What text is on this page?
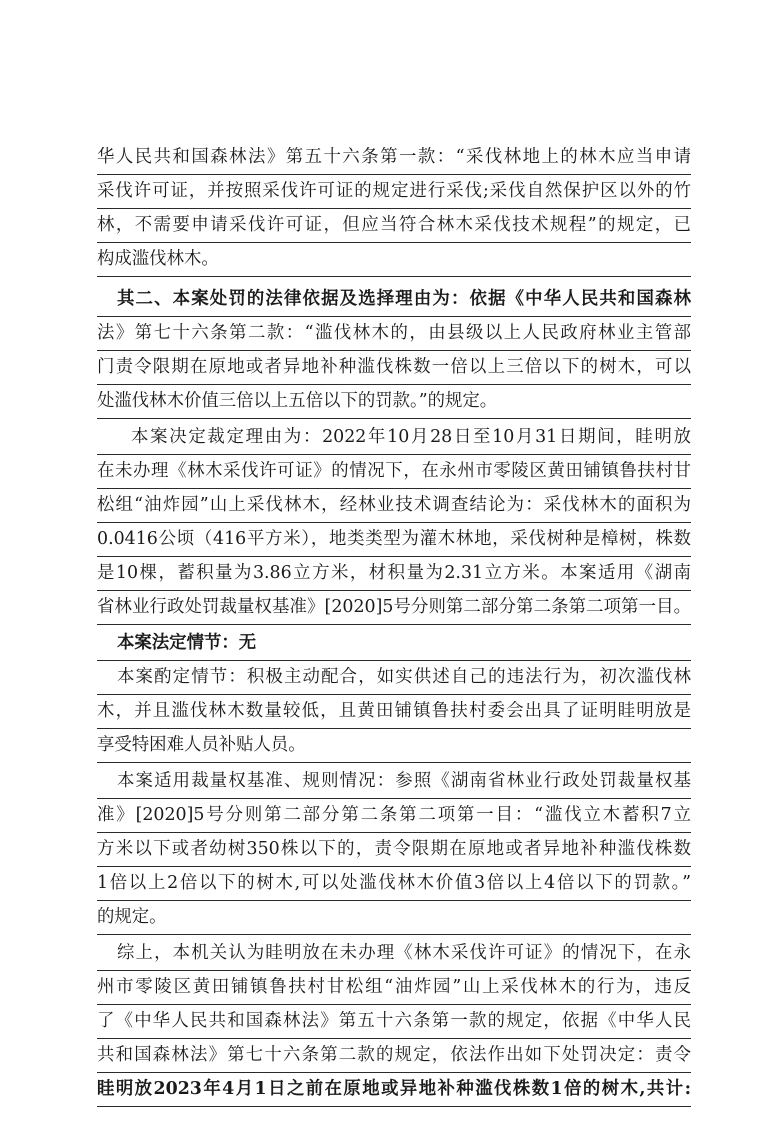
华人民共和国森林法》第五十六条第一款：“采伐林地上的林木应当申请
采伐许可证，并按照采伐许可证的规定进行采伐;采伐自然保护区以外的竹
林，不需要申请采伐许可证，但应当符合林木采伐技术规程”的规定，已
构成滥伐林木。
其二、本案处罚的法律依据及选择理由为：依据《中华人民共和国森林
法》第七十六条第二款：“滥伐林木的，由县级以上人民政府林业主管部
门责令限期在原地或者异地补种滥伐株数一倍以上三倍以下的树木，可以
处滥伐林木价值三倍以上五倍以下的罚款。”的规定。
本案决定裁定理由为：2022年10月28日至10月31日期间，眭明放
在未办理《林木采伐许可证》的情况下，在永州市零陵区黄田铺镇鲁扶村甘
松组“油炸园”山上采伐林木，经林业技术调查结论为：采伐林木的面积为
0.0416公顷（416平方米），地类类型为灌木林地，采伐树种是樟树，株数
是10棵，蓄积量为3.86立方米，材积量为2.31立方米。本案适用《湖南
省林业行政处罚裁量权基准》[2020]5号分则第二部分第二条第二项第一目。
本案法定情节：无
本案酌定情节：积极主动配合，如实供述自己的违法行为，初次滥伐林
木，并且滥伐林木数量较低，且黄田铺镇鲁扶村委会出具了证明眭明放是
享受特困难人员补贴人员。
本案适用裁量权基准、规则情况：参照《湖南省林业行政处罚裁量权基
准》[2020]5号分则第二部分第二条第二项第一目：“滥伐立木蓄积7立
方米以下或者幼树350株以下的，责令限期在原地或者异地补种滥伐株数
1倍以上2倍以下的树木,可以处滥伐林木价值3倍以上4倍以下的罚款。”
的规定。
综上，本机关认为眭明放在未办理《林木采伐许可证》的情况下，在永
州市零陵区黄田铺镇鲁扶村甘松组“油炸园”山上采伐林木的行为，违反
了《中华人民共和国森林法》第五十六条第一款的规定，依据《中华人民
共和国森林法》第七十六条第二款的规定，依法作出如下处罚决定：责令
眭明放2023年4月1日之前在原地或异地补种滥伐株数1倍的树木,共计:
